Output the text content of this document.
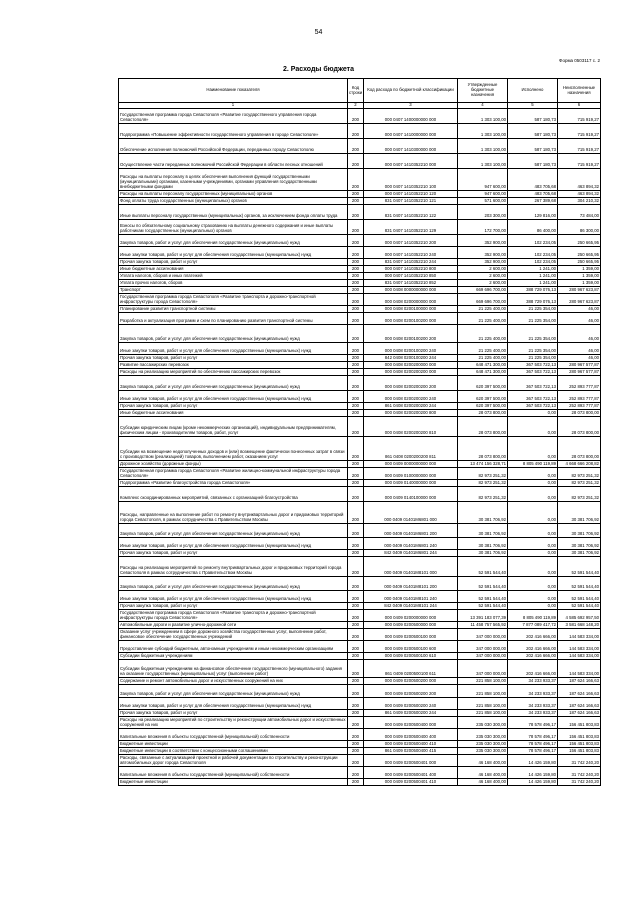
54
Форма 0503117 с. 2
2. Расходы бюджета
Наименование показателя	Код строки	Код расхода по бюджетной классификации	Утвержденные бюджетные назначения	Исполнено	Неисполненные назначения
1	2	3	4	5	6
Государственная программа города Севастополя «Развитие государственного управления города Севастополя»	200	000 0407 1400000000 000	1 303 100,00	587 180,73	715 919,27
Подпрограмма «Повышение эффективности государственного управления в городе Севастополе»	200	000 0407 1410000000 000	1 303 100,00	587 180,73	715 919,27
Обеспечение исполнения полномочий Российской Федерации, переданных городу Севастополю	200	000 0407 1410300000 000	1 303 100,00	587 180,73	715 919,27
Осуществление части переданных полномочий Российской Федерации в области лесных отношений	200	000 0407 1410352210 000	1 303 100,00	587 180,73	715 919,27
Расходы на выплаты персоналу в целях обеспечения выполнения функций государственными (муниципальными) органами, казенными учреждениями, органами управления государственными внебюджетными фондами	200	000 0407 1410352210 100	947 600,00	483 705,68	463 894,32
Расходы на выплаты персоналу государственных (муниципальных) органов	200	000 0407 1410352210 120	947 600,00	483 705,68	463 894,32
Фонд оплаты труда государственных (муниципальных) органов	200	831 0407 1410352210 121	571 600,00	267 389,68	304 210,32
Иные выплаты персоналу государственных (муниципальных) органов, за исключением фонда оплаты труда	200	831 0407 1410352210 122	203 300,00	129 816,00	73 484,00
Взносы по обязательному социальному страхованию на выплаты денежного содержания и иные выплаты работникам государственных (муниципальных) органов	200	831 0407 1410352210 129	172 700,00	86 400,00	86 300,00
Закупка товаров, работ и услуг для обеспечения государственных (муниципальных) нужд	200	000 0407 1410352210 200	352 900,00	102 234,05	250 665,95
Иные закупки товаров, работ и услуг для обеспечения государственных (муниципальных) нужд	200	000 0407 1410352210 240	352 900,00	102 234,05	250 665,95
Прочая закупка товаров, работ и услуг	200	831 0407 1410352210 244	352 900,00	102 234,05	250 665,95
Иные бюджетные ассигнования	200	000 0407 1410352210 800	2 600,00	1 241,00	1 359,00
Уплата налогов, сборов и иных платежей	200	000 0407 1410352210 850	2 600,00	1 241,00	1 359,00
Уплата прочих налогов, сборов	200	831 0407 1410352210 852	2 600,00	1 241,00	1 359,00
Транспорт	200	000 0408 0000000000 000	669 696 700,00	388 729 076,13	280 967 623,87
Государственная программа города Севастополя «Развитие транспорта и дорожно-транспортной инфраструктуры города Севастополя»	200	000 0408 0200000000 000	669 696 700,00	388 729 076,13	280 967 623,87
Планирование развития транспортной системы	200	000 0408 0200100000 000	21 225 400,00	21 225 354,00	46,00
Разработка и актуализация программ и схем по планированию развития транспортной системы	200	000 0408 0200100200 000	21 225 400,00	21 225 354,00	46,00
Закупка товаров, работ и услуг для обеспечения государственных (муниципальных) нужд	200	000 0408 0200100200 200	21 225 400,00	21 225 354,00	46,00
Иные закупки товаров, работ и услуг для обеспечения государственных (муниципальных) нужд	200	000 0408 0200100200 240	21 225 400,00	21 225 354,00	46,00
Прочая закупка товаров, работ и услуг	200	842 0408 0200100200 244	21 225 400,00	21 225 354,00	46,00
Развитие пассажирских перевозок	200	000 0408 0200200000 000	648 471 300,00	367 503 722,13	280 967 577,87
Расходы на реализацию мероприятий по обеспечению пассажирских перевозок	200	000 0408 0200200200 000	648 471 300,00	367 503 722,13	280 967 577,87
Закупка товаров, работ и услуг для обеспечения государственных (муниципальных) нужд	200	000 0408 0200200200 200	620 397 500,00	367 503 722,13	252 893 777,87
Иные закупки товаров, работ и услуг для обеспечения государственных (муниципальных) нужд	200	000 0408 0200200200 240	620 397 500,00	367 503 722,13	252 893 777,87
Прочая закупка товаров, работ и услуг	200	861 0408 0200200200 244	620 397 500,00	367 503 722,13	252 893 777,87
Иные бюджетные ассигнования	200	000 0408 0200200200 800	28 073 800,00	0,00	28 073 800,00
Субсидии юридическим лицам (кроме некоммерческих организаций), индивидуальным предпринимателям, физическим лицам - производителям товаров, работ, услуг	200	000 0408 0200200200 810	28 073 800,00	0,00	28 073 800,00
Субсидии на возмещение недополученных доходов и (или) возмещение фактически понесенных затрат в связи с производством (реализацией) товаров, выполнением работ, оказанием услуг	200	861 0408 0200200200 811	28 073 800,00	0,00	28 073 800,00
Дорожное хозяйство (дорожные фонды)	200	000 0409 0000000000 000	13 474 156 328,71	8 805 490 119,89	4 668 666 208,82
Государственная программа города Севастополя «Развитие жилищно-коммунальной инфраструктуры города Севастополя»	200	000 0409 0100000000 000	82 973 251,32	0,00	82 973 251,32
Подпрограмма «Развитие благоустройства города Севастополя»	200	000 0409 0140000000 000	82 973 251,32	0,00	82 973 251,32
Комплекс скоординированных мероприятий, связанных с организацией благоустройства	200	000 0409 0140100000 000	82 973 251,32	0,00	82 973 251,32
Расходы, направленные на выполнение работ по ремонту внутриквартальных дорог и придомовых территорий города Севастополя, в рамках сотрудничества с Правительством Москвы	200	000 0409 01401М6801 000	30 381 706,92	0,00	30 381 706,92
Закупка товаров, работ и услуг для обеспечения государственных (муниципальных) нужд	200	000 0409 01401М6801 200	30 381 706,92	0,00	30 381 706,92
Иные закупки товаров, работ и услуг для обеспечения государственных (муниципальных) нужд	200	000 0409 01401М6801 240	30 381 706,92	0,00	30 381 706,92
Прочая закупка товаров, работ и услуг	200	842 0409 01401М6801 244	30 381 706,92	0,00	30 381 706,92
Расходы на реализацию мероприятий по ремонту внутриквартальных дорог и придомовых территорий города Севастополя в рамках сотрудничества с Правительством Москвы	200	000 0409 01401М8101 000	52 591 544,40	0,00	52 591 544,40
Закупка товаров, работ и услуг для обеспечения государственных (муниципальных) нужд	200	000 0409 01401М8101 200	52 591 544,40	0,00	52 591 544,40
Иные закупки товаров, работ и услуг для обеспечения государственных (муниципальных) нужд	200	000 0409 01401М8101 240	52 591 544,40	0,00	52 591 544,40
Прочая закупка товаров, работ и услуг	200	842 0409 01401М8101 244	52 591 544,40	0,00	52 591 544,40
Государственная программа города Севастополя «Развитие транспорта и дорожно-транспортной инфраструктуры города Севастополя»	200	000 0409 0200000000 000	13 391 183 077,39	8 805 490 119,89	4 585 692 957,50
Автомобильные дороги и развитие улично-дорожной сети	200	000 0409 0200500000 000	11 458 757 565,92	7 877 089 417,72	3 581 668 148,20
Оказание услуг учреждением в сфере дорожного хозяйства государственных услуг, выполнение работ, финансовое обеспечение государственных учреждений	200	000 0409 0200500100 000	347 000 000,00	202 416 666,00	144 583 334,00
Предоставление субсидий бюджетным, автономным учреждениям и иным некоммерческим организациям	200	000 0409 0200500100 600	347 000 000,00	202 416 666,00	144 583 334,00
Субсидии бюджетным учреждениям	200	000 0409 0200500100 610	347 000 000,00	202 416 666,00	144 583 334,00
Субсидии бюджетным учреждениям на финансовое обеспечение государственного (муниципального) задания на оказание государственных (муниципальных) услуг (выполнение работ)	200	861 0409 0200500100 611	347 000 000,00	202 416 666,00	144 583 334,00
Содержание и ремонт автомобильных дорог и искусственных сооружений на них	200	000 0409 0200500200 000	221 858 100,00	34 233 933,37	187 624 166,63
Закупка товаров, работ и услуг для обеспечения государственных (муниципальных) нужд	200	000 0409 0200500200 200	221 858 100,00	34 233 933,37	187 624 166,63
Иные закупки товаров, работ и услуг для обеспечения государственных (муниципальных) нужд	200	000 0409 0200500200 240	221 858 100,00	34 233 933,37	187 624 166,63
Прочая закупка товаров, работ и услуг	200	861 0409 0200500200 244	221 858 100,00	34 233 933,37	187 624 166,63
Расходы на реализацию мероприятий по строительству и реконструкции автомобильных дорог и искусственных сооружений на них	200	000 0409 0200500400 000	235 030 300,00	78 578 496,17	156 451 803,83
Капитальные вложения в объекты государственной (муниципальной) собственности	200	000 0409 0200500400 400	235 030 300,00	78 578 496,17	156 451 803,83
Бюджетные инвестиции	200	000 0409 0200500400 410	235 030 300,00	78 578 496,17	156 451 803,83
Бюджетные инвестиции в соответствии с концессионными соглашениями	200	861 0409 0200500400 415	235 030 300,00	78 578 496,17	156 451 803,83
Расходы, связанные с актуализацией проектной и рабочей документации по строительству и реконструкции автомобильных дорог города Севастополя	200	000 0409 0200500401 000	46 168 400,00	14 426 159,80	31 742 240,20
Капитальные вложения в объекты государственной (муниципальной) собственности	200	000 0409 0200500401 400	46 168 400,00	14 426 159,80	31 742 240,20
Бюджетные инвестиции	200	000 0409 0200500401 410	46 168 400,00	14 426 159,80	31 742 240,20
